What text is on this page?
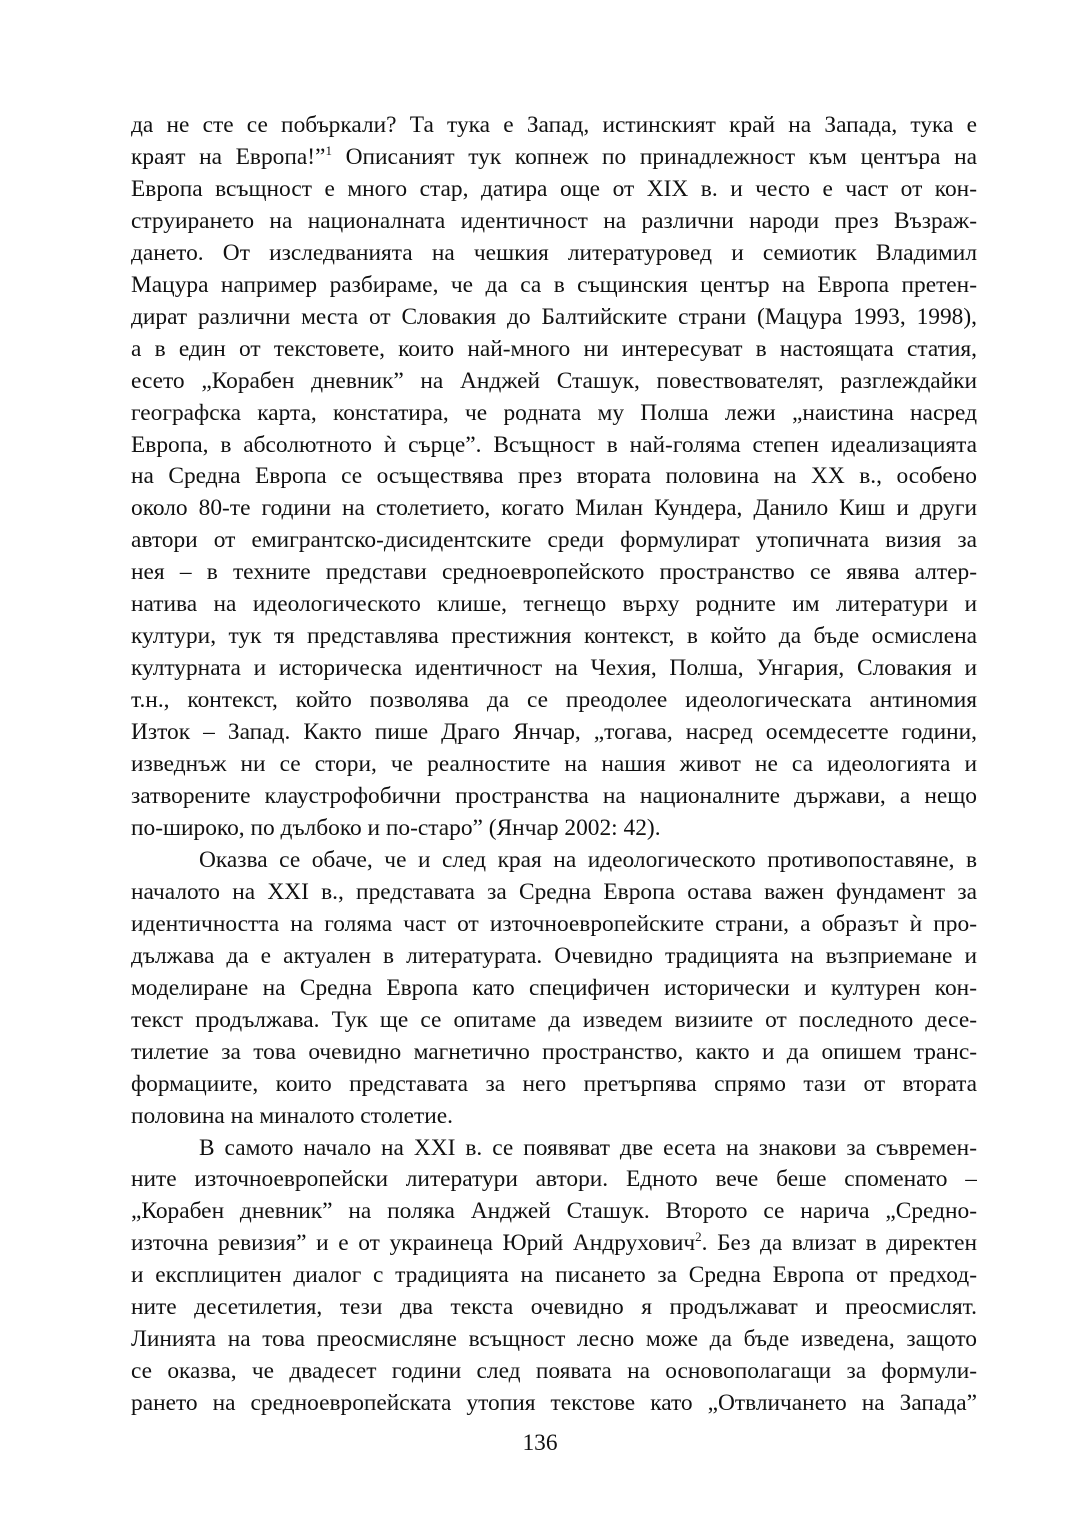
да не сте се побъркали? Та тука е Запад, истинският край на Запада, тука е
краят на Европа!”$^1$ Описаният тук копнеж по принадлежност към центъра на
Европа всъщност е много стар, датира още от XIX в. и често е част от кон-
струирането на националната идентичност на различни народи през Възраж-
дането. От изследванията на чешкия литературовед и семиотик Владимил
Мацура например разбираме, че да са в същинския център на Европа претен-
дират различни места от Словакия до Балтийските страни (Мацура 1993, 1998),
а в един от текстовете, които най-много ни интересуват в настоящата статия,
есето „Корабен дневник” на Анджей Сташук, повествователят, разглеждайки
географска карта, констатира, че родната му Полша лежи „наистина насред
Европа, в абсолютното ѝ сърце”. Всъщност в най-голяма степен идеализацията
на Средна Европа се осъществява през втората половина на XX в., особено
около 80-те години на столетието, когато Милан Кундера, Данило Киш и други
автори от емигрантско-дисидентските среди формулират утопичната визия за
нея – в техните представи средноевропейското пространство се явява алтер-
натива на идеологическото клише, тегнещо върху родните им литератури и
култури, тук тя представлява престижния контекст, в който да бъде осмислена
културната и историческа идентичност на Чехия, Полша, Унгария, Словакия и
т.н., контекст, който позволява да се преодолее идеологическата антиномия
Изток – Запад. Както пише Драго Янчар, „тогава, насред осемдесетте години,
изведнъж ни се стори, че реалностите на нашия живот не са идеологията и
затворените клаустрофобични пространства на националните държави, а нещо
по-широко, по дълбоко и по-старо” (Янчар 2002: 42).
Оказва се обаче, че и след края на идеологическото противопоставяне, в
началото на XXI в., представата за Средна Европа остава важен фундамент за
идентичността на голяма част от източноевропейските страни, а образът ѝ про-
дължава да е актуален в литературата. Очевидно традицията на възприемане и
моделиране на Средна Европа като специфичен исторически и културен кон-
текст продължава. Тук ще се опитаме да изведем визиите от последното десе-
тилетие за това очевидно магнетично пространство, както и да опишем транс-
формациите, които представата за него претърпява спрямо тази от втората
половина на миналото столетие.
В самото начало на XXI в. се появяват две есета на знакови за съвремен-
ните източноевропейски литератури автори. Едното вече беше споменато –
„Корабен дневник” на поляка Анджей Сташук. Второто се нарича „Средно-
източна ревизия” и е от украинеца Юрий Андрухович$^2$. Без да влизат в директен
и експлицитен диалог с традицията на писането за Средна Европа от предход-
ните десетилетия, тези два текста очевидно я продължават и преосмислят.
Линията на това преосмисляне всъщност лесно може да бъде изведена, защото
се оказва, че двадесет години след появата на основополагащи за формули-
рането на средноевропейската утопия текстове като „Отвличането на Запада”
136
